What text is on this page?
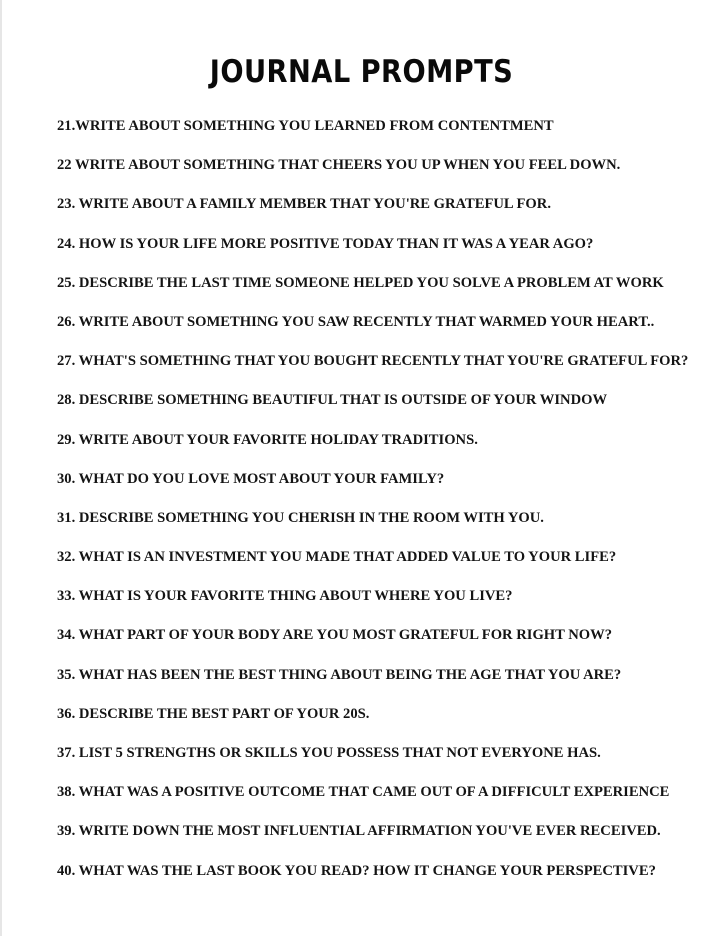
JOURNAL PROMPTS
21.WRITE ABOUT SOMETHING YOU LEARNED FROM CONTENTMENT
22 WRITE ABOUT SOMETHING THAT CHEERS YOU UP WHEN YOU FEEL DOWN.
23. WRITE ABOUT A FAMILY MEMBER THAT YOU'RE GRATEFUL FOR.
24. HOW IS YOUR LIFE MORE POSITIVE TODAY THAN IT WAS A YEAR AGO?
25. DESCRIBE THE LAST TIME SOMEONE HELPED YOU SOLVE A PROBLEM AT WORK
26. WRITE ABOUT SOMETHING YOU SAW RECENTLY THAT WARMED YOUR HEART..
27. WHAT'S SOMETHING THAT YOU BOUGHT RECENTLY THAT YOU'RE GRATEFUL FOR?
28. DESCRIBE SOMETHING BEAUTIFUL THAT IS OUTSIDE OF YOUR WINDOW
29. WRITE ABOUT YOUR FAVORITE HOLIDAY TRADITIONS.
30. WHAT DO YOU LOVE MOST ABOUT YOUR FAMILY?
31. DESCRIBE SOMETHING YOU CHERISH IN THE ROOM WITH YOU.
32. WHAT IS AN INVESTMENT YOU MADE THAT ADDED VALUE TO YOUR LIFE?
33. WHAT IS YOUR FAVORITE THING ABOUT WHERE YOU LIVE?
34. WHAT PART OF YOUR BODY ARE YOU MOST GRATEFUL FOR RIGHT NOW?
35. WHAT HAS BEEN THE BEST THING ABOUT BEING THE AGE THAT YOU ARE?
36. DESCRIBE THE BEST PART OF YOUR 20S.
37. LIST 5 STRENGTHS OR SKILLS YOU POSSESS THAT NOT EVERYONE HAS.
38. WHAT WAS A POSITIVE OUTCOME THAT CAME OUT OF A DIFFICULT EXPERIENCE
39. WRITE DOWN THE MOST INFLUENTIAL AFFIRMATION YOU'VE EVER RECEIVED.
40. WHAT WAS THE LAST BOOK YOU READ? HOW IT CHANGE YOUR PERSPECTIVE?
